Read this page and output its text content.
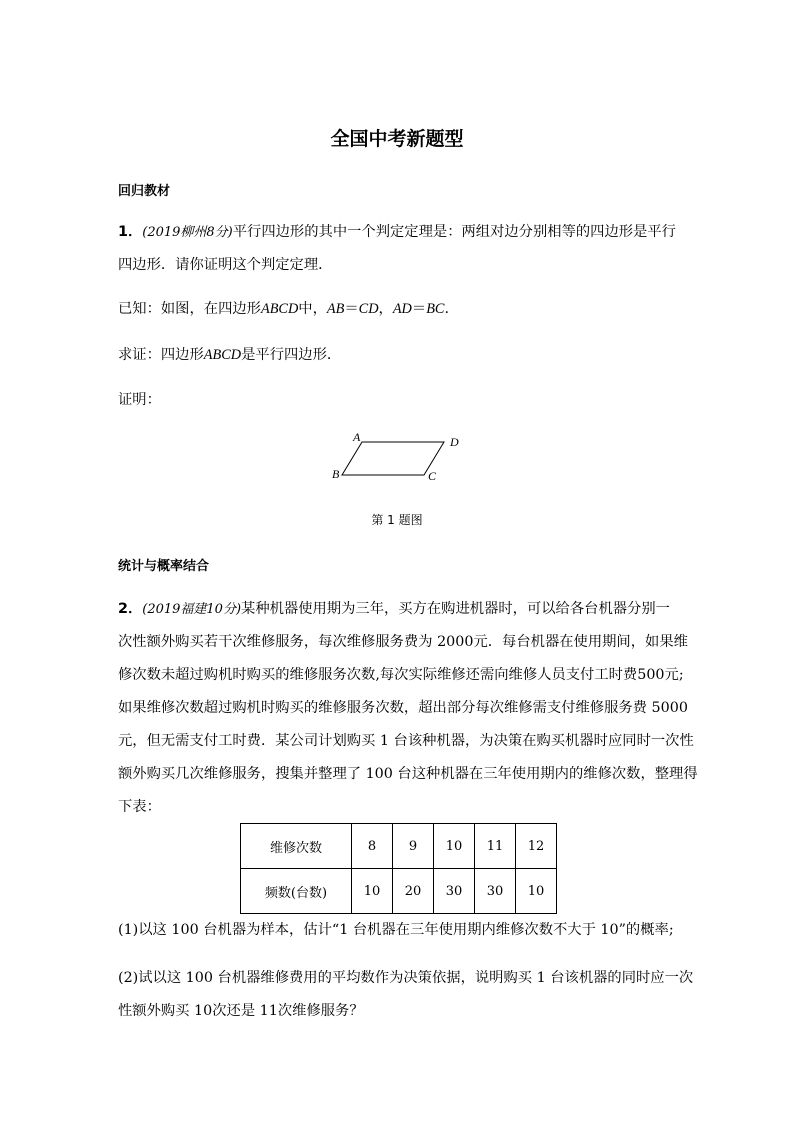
全国中考新题型
回归教材
1．(2019柳州8分)平行四边形的其中一个判定定理是：两组对边分别相等的四边形是平行
四边形．请你证明这个判定定理．
已知：如图，在四边形ABCD中，AB＝CD，AD＝BC.
求证：四边形ABCD是平行四边形．
证明：
A	D
B	C
第 1 题图
统计与概率结合
2．(2019福建10分)某种机器使用期为三年，买方在购进机器时，可以给各台机器分别一
次性额外购买若干次维修服务，每次维修服务费为 2000元．每台机器在使用期间，如果维
修次数未超过购机时购买的维修服务次数,每次实际维修还需向维修人员支付工时费500元;
如果维修次数超过购机时购买的维修服务次数，超出部分每次维修需支付维修服务费 5000
元，但无需支付工时费．某公司计划购买 1 台该种机器，为决策在购买机器时应同时一次性
额外购买几次维修服务，搜集并整理了 100 台这种机器在三年使用期内的维修次数，整理得
下表：
维修次数	8	9	10	11	12
频数(台数)	10	20	30	30	10
(1)以这 100 台机器为样本，估计“1 台机器在三年使用期内维修次数不大于 10”的概率;
(2)试以这 100 台机器维修费用的平均数作为决策依据，说明购买 1 台该机器的同时应一次
性额外购买 10次还是 11次维修服务？
